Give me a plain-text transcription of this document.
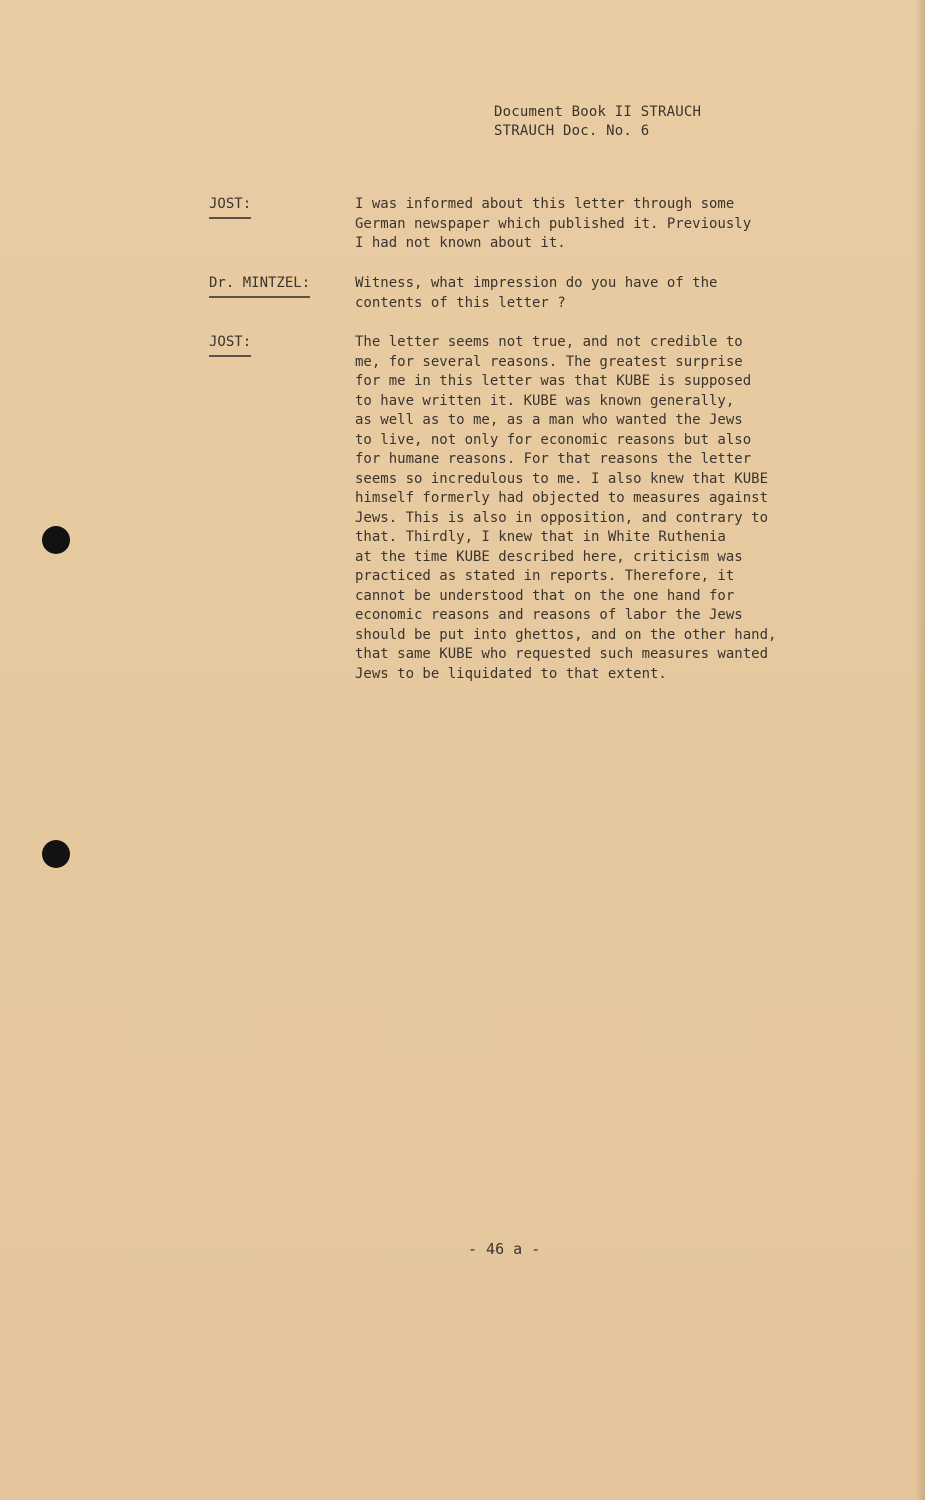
Document Book II STRAUCH
STRAUCH Doc. No. 6
JOST:	I was informed about this letter through some
German newspaper which published it. Previously
I had not known about it.
Dr. MINTZEL:	Witness, what impression do you have of the
contents of this letter ?
JOST:	The letter seems not true, and not credible to
me, for several reasons. The greatest surprise
for me in this letter was that KUBE is supposed
to have written it. KUBE was known generally,
as well as to me, as a man who wanted the Jews
to live, not only for economic reasons but also
for humane reasons. For that reasons the letter
seems so incredulous to me. I also knew that KUBE
himself formerly had objected to measures against
Jews. This is also in opposition, and contrary to
that. Thirdly, I knew that in White Ruthenia
at the time KUBE described here, criticism was
practiced as stated in reports. Therefore, it
cannot be understood that on the one hand for
economic reasons and reasons of labor the Jews
should be put into ghettos, and on the other hand,
that same KUBE who requested such measures wanted
Jews to be liquidated to that extent.
- 46 a -
